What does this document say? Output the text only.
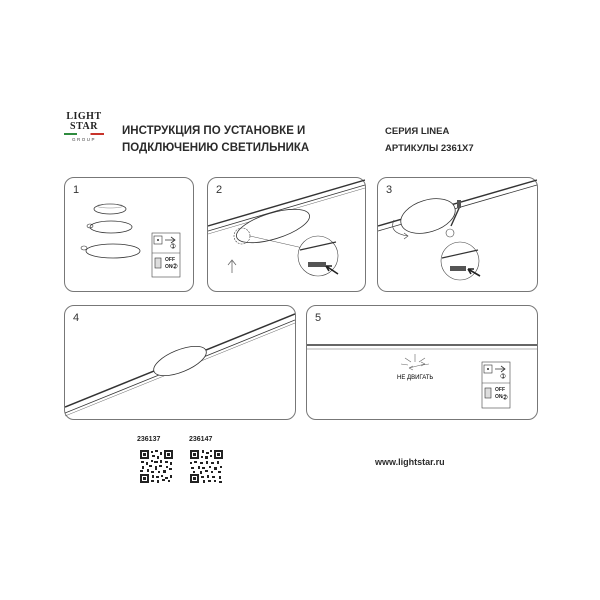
LIGHT
STAR
GROUP
ИНСТРУКЦИЯ ПО УСТАНОВКЕ И
ПОДКЛЮЧЕНИЮ СВЕТИЛЬНИКА
СЕРИЯ LINEA
АРТИКУЛЫ 2361X7
1
1
OFF
ON 2
2	3
4	5
НЕ ДВИГАТЬ	1
OFF
ON 2
236137	236147
www.lightstar.ru
